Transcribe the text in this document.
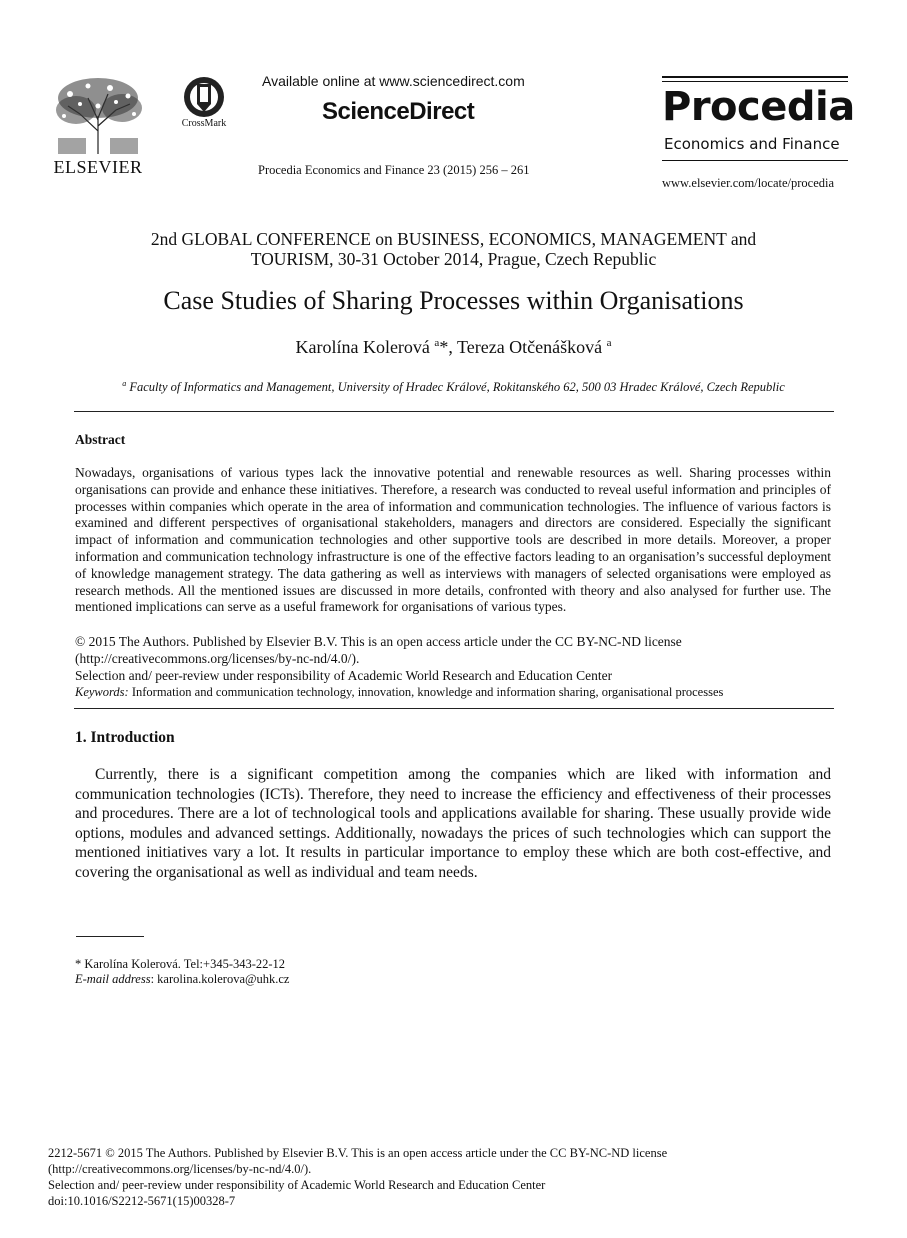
ELSEVIER
CrossMark
Available online at www.sciencedirect.com
ScienceDirect
Procedia Economics and Finance 23 (2015) 256 – 261
Procedia
Economics and Finance
www.elsevier.com/locate/procedia
2nd GLOBAL CONFERENCE on BUSINESS, ECONOMICS, MANAGEMENT and
TOURISM, 30-31 October 2014, Prague, Czech Republic
Case Studies of Sharing Processes within Organisations
Karolína Kolerová $^a$*, Tereza Otčenášková $^a$
$^a$ Faculty of Informatics and Management, University of Hradec Králové, Rokitanského 62, 500 03 Hradec Králové, Czech Republic
Abstract
Nowadays, organisations of various types lack the innovative potential and renewable resources as well. Sharing processes within organisations can provide and enhance these initiatives. Therefore, a research was conducted to reveal useful information and principles of processes within companies which operate in the area of information and communication technologies. The influence of various factors is examined and different perspectives of organisational stakeholders, managers and directors are considered. Especially the significant impact of information and communication technologies and other supportive tools are described in more details. Moreover, a proper information and communication technology infrastructure is one of the effective factors leading to an organisation’s successful deployment of knowledge management strategy. The data gathering as well as interviews with managers of selected organisations were employed as research methods. All the mentioned issues are discussed in more details, confronted with theory and also analysed for further use. The mentioned implications can serve as a useful framework for organisations of various types.
© 2015 The Authors. Published by Elsevier B.V. This is an open access article under the CC BY-NC-ND license
(http://creativecommons.org/licenses/by-nc-nd/4.0/).
Selection and/ peer-review under responsibility of Academic World Research and Education Center
Keywords: Information and communication technology, innovation, knowledge and information sharing, organisational processes
1. Introduction
Currently, there is a significant competition among the companies which are liked with information and communication technologies (ICTs). Therefore, they need to increase the efficiency and effectiveness of their processes and procedures. There are a lot of technological tools and applications available for sharing. These usually provide wide options, modules and advanced settings. Additionally, nowadays the prices of such technologies which can support the mentioned initiatives vary a lot. It results in particular importance to employ these which are both cost-effective, and covering the organisational as well as individual and team needs.
* Karolína Kolerová. Tel:+345-343-22-12
E-mail address: karolina.kolerova@uhk.cz
2212-5671 © 2015 The Authors. Published by Elsevier B.V. This is an open access article under the CC BY-NC-ND license
(http://creativecommons.org/licenses/by-nc-nd/4.0/).
Selection and/ peer-review under responsibility of Academic World Research and Education Center
doi:10.1016/S2212-5671(15)00328-7
